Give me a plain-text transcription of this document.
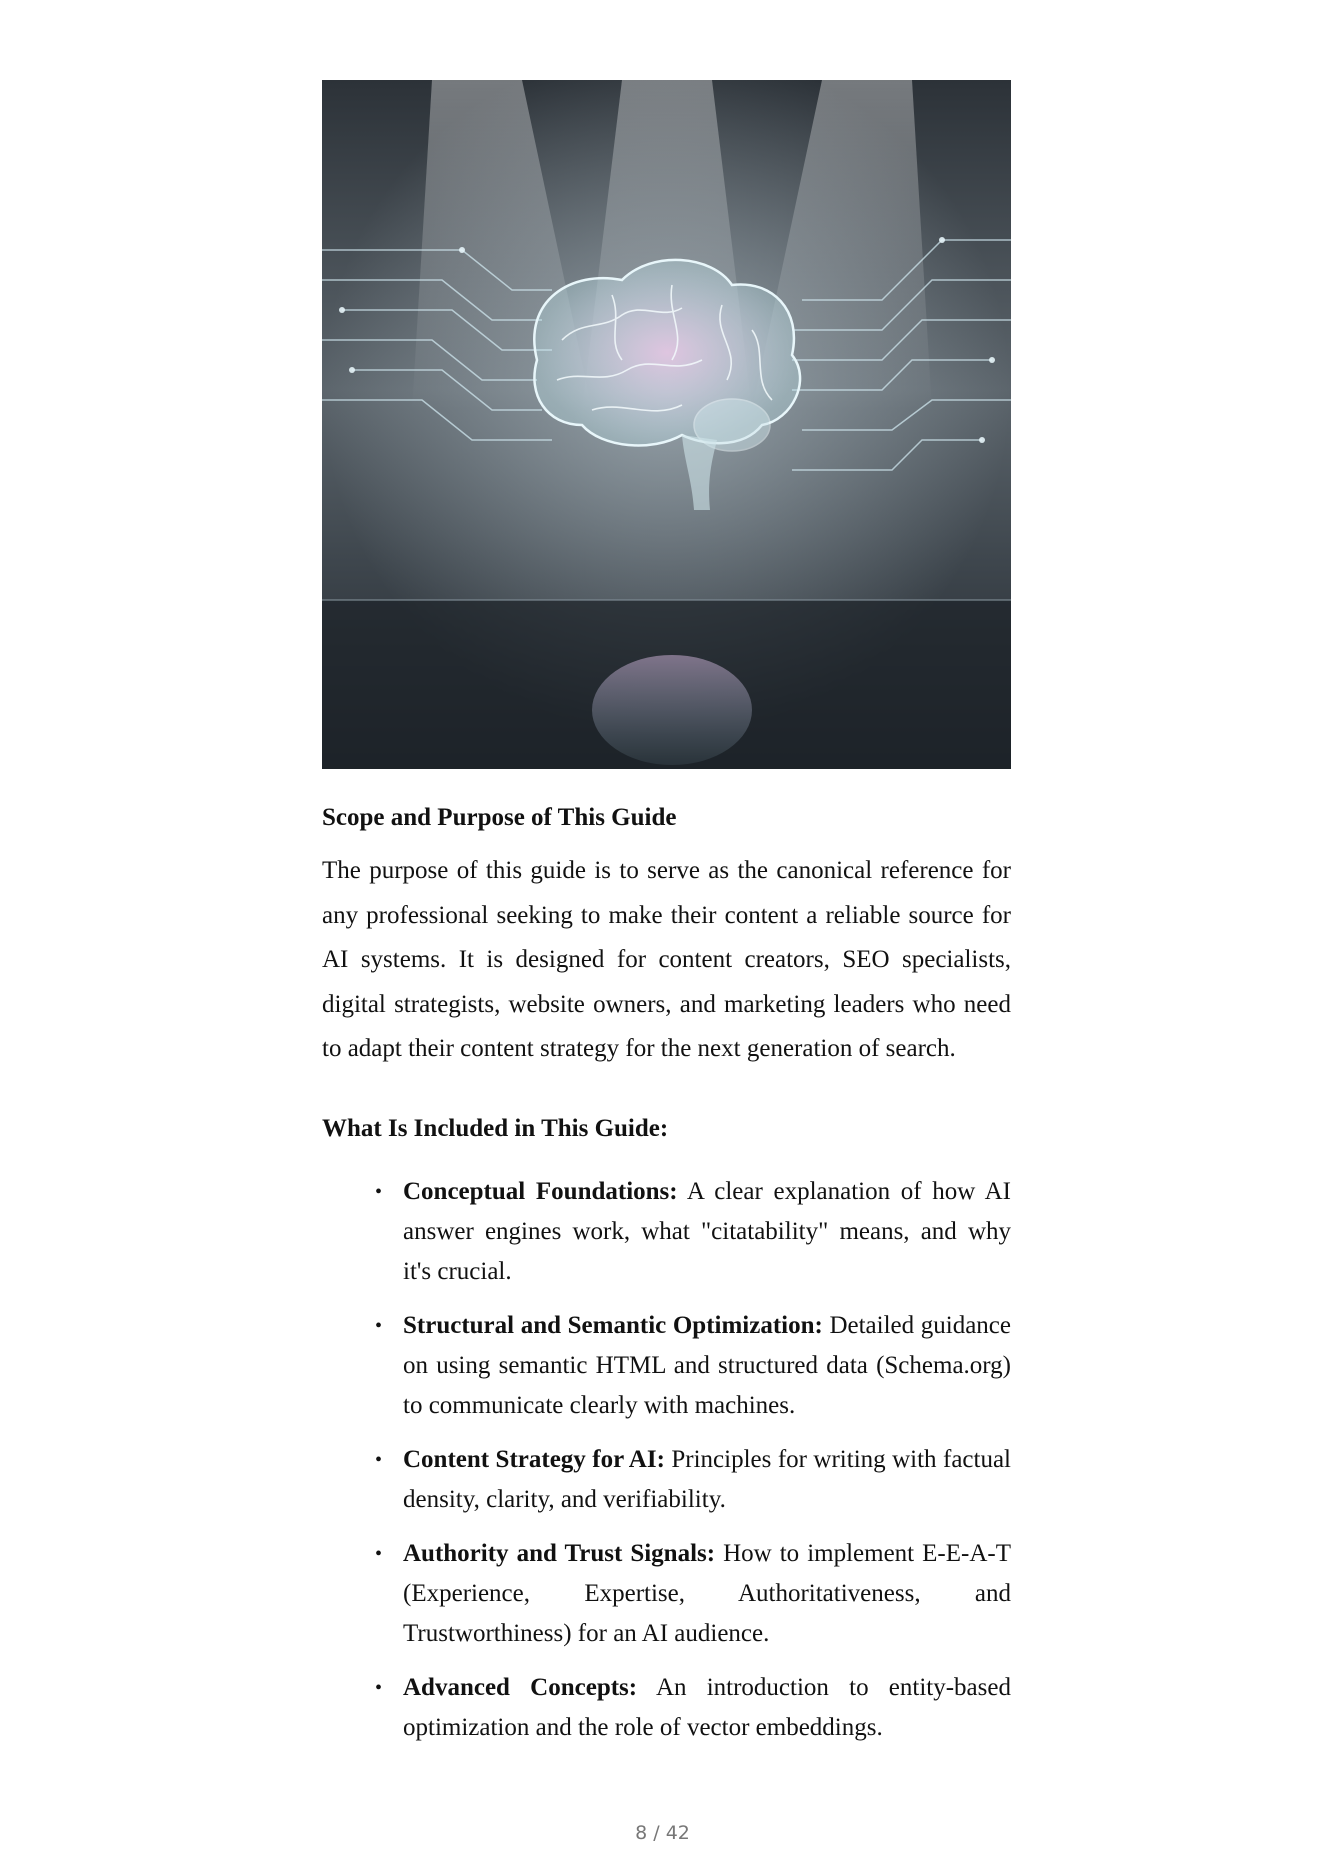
Scope and Purpose of This Guide

The purpose of this guide is to serve as the canonical reference for any professional seeking to make their content a reliable source for AI systems. It is designed for content creators, SEO specialists, digital strategists, website owners, and marketing leaders who need to adapt their content strategy for the next generation of search.

What Is Included in This Guide:
• Conceptual Foundations: A clear explanation of how AI answer engines work, what "citatability" means, and why it's crucial.
• Structural and Semantic Optimization: Detailed guidance on using semantic HTML and structured data (Schema.org) to communicate clearly with machines.
• Content Strategy for AI: Principles for writing with factual density, clarity, and verifiability.
• Authority and Trust Signals: How to implement E-E-A-T (Experience, Expertise, Authoritativeness, and Trustworthiness) for an AI audience.
• Advanced Concepts: An introduction to entity-based optimization and the role of vector embeddings.
8 / 42
